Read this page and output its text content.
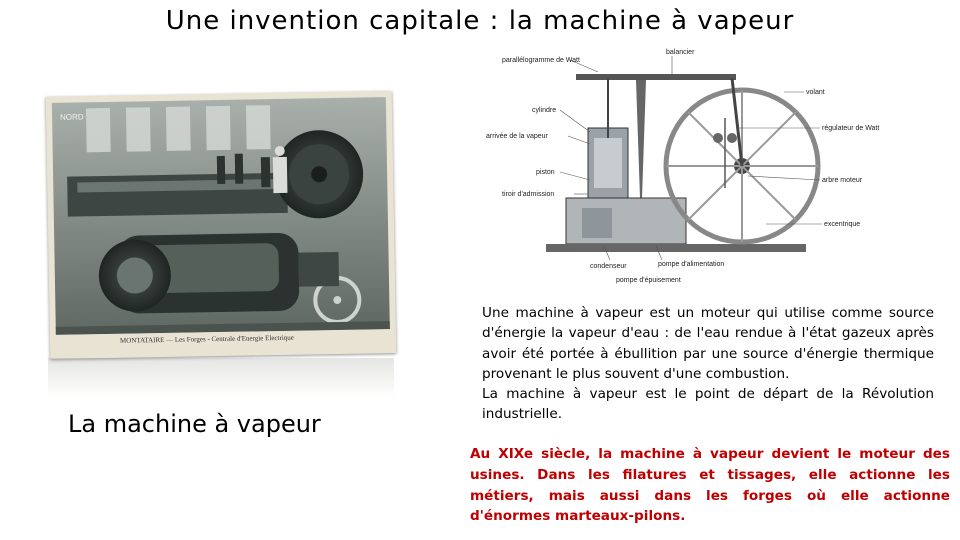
Une invention capitale : la machine à vapeur
NORD
MONTATAIRE — Les Forges - Centrale d'Energie Electrique
La machine à vapeur
balancier
parallélogramme de Watt
cylindre
arrivée de la vapeur
volant
régulateur de Watt
piston
tiroir d'admission
arbre moteur
excentrique
condenseur	pompe d'alimentation
pompe d'épuisement

Une machine à vapeur est un moteur qui utilise comme source d'énergie la vapeur d'eau : de l'eau rendue à l'état gazeux après avoir été portée à ébullition par une source d'énergie thermique provenant le plus souvent d'une combustion.

La machine à vapeur est le point de départ de la Révolution industrielle.

Au XIXe siècle, la machine à vapeur devient le moteur des usines. Dans les filatures et tissages, elle actionne les métiers, mais aussi dans les forges où elle actionne d'énormes marteaux-pilons.
